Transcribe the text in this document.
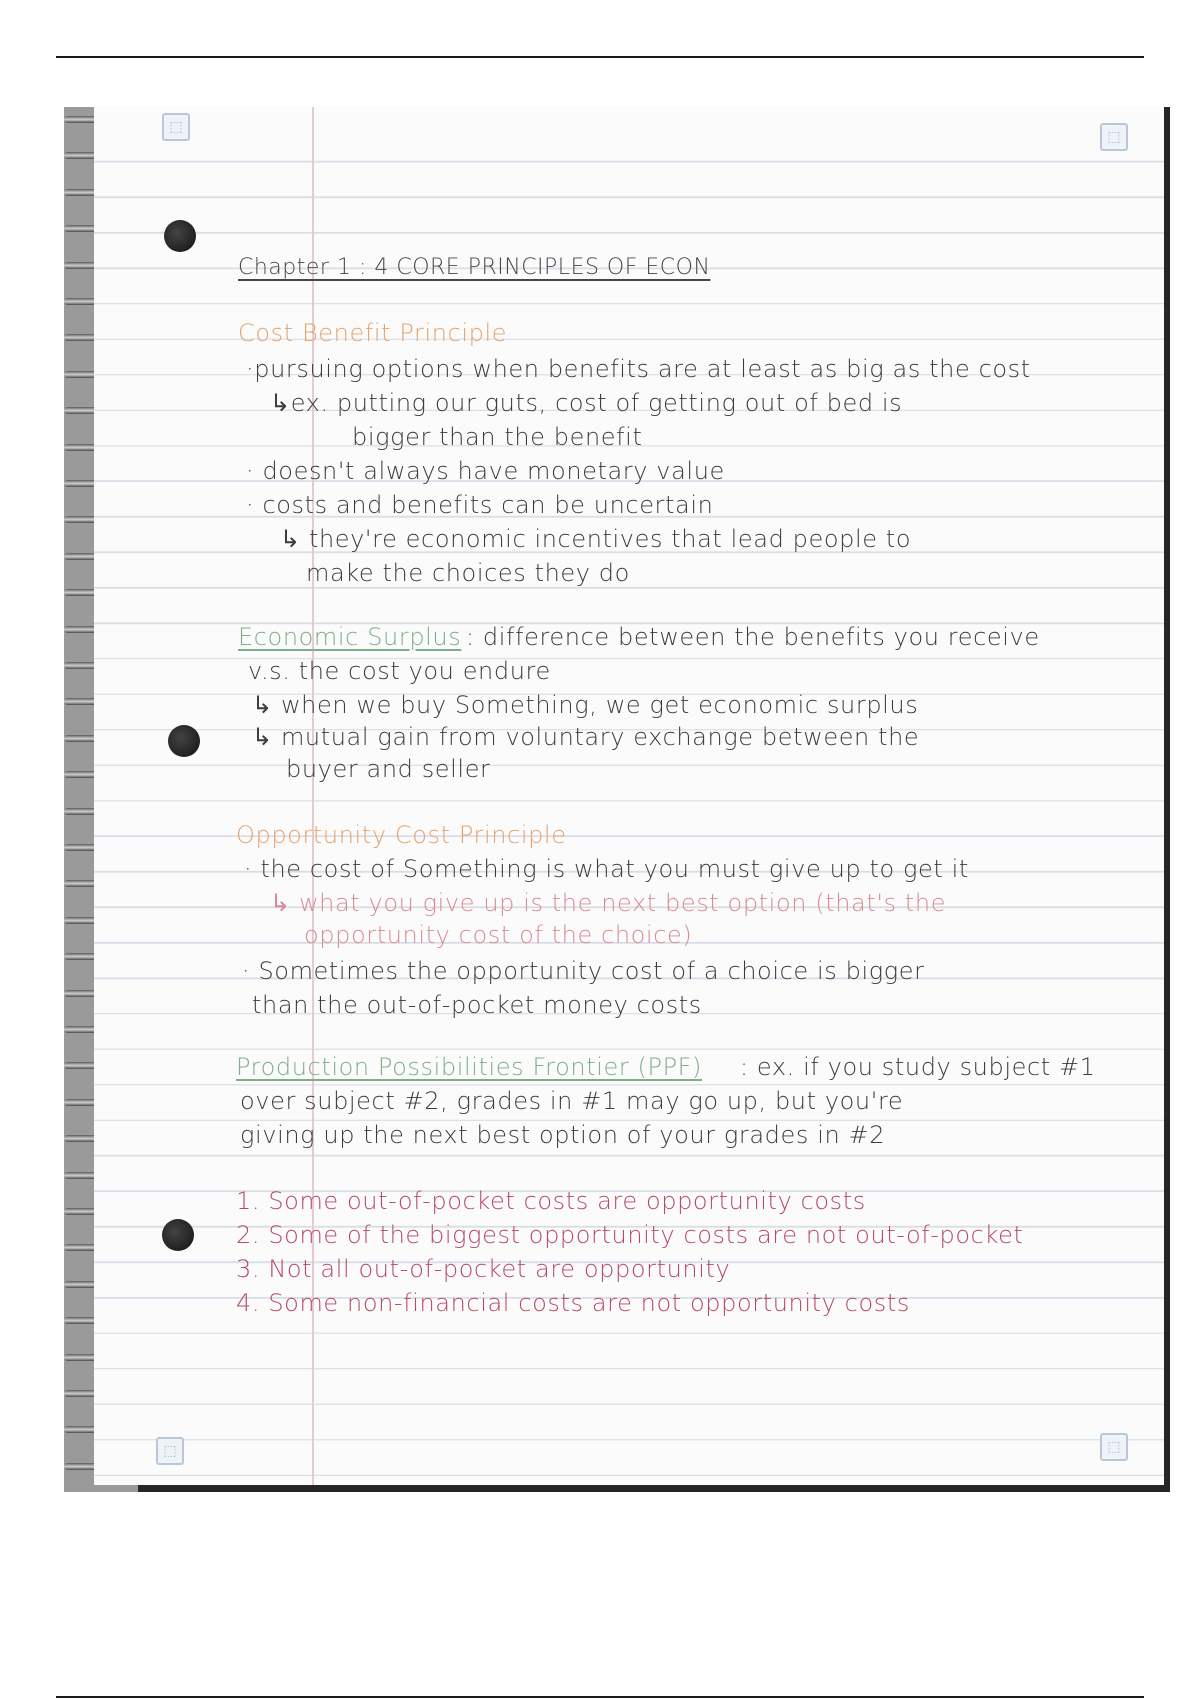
⬚
⬚
⬚	⬚
Chapter 1 : 4 CORE PRINCIPLES OF ECON
Cost Benefit Principle
·pursuing options when benefits are at least as big as the cost
↳ex. putting our guts, cost of getting out of bed is
bigger than the benefit
· doesn't always have monetary value
· costs and benefits can be uncertain
↳ they're economic incentives that lead people to
make the choices they do
Economic Surplus : difference between the benefits you receive
v.s. the cost you endure
↳ when we buy Something, we get economic surplus
↳ mutual gain from voluntary exchange between the
buyer and seller
Opportunity Cost Principle
· the cost of Something is what you must give up to get it
↳ what you give up is the next best option (that's the
opportunity cost of the choice)
· Sometimes the opportunity cost of a choice is bigger
than the out-of-pocket money costs
Production Possibilities Frontier (PPF) : ex. if you study subject #1
over subject #2, grades in #1 may go up, but you're
giving up the next best option of your grades in #2
1. Some out-of-pocket costs are opportunity costs
2. Some of the biggest opportunity costs are not out-of-pocket
3. Not all out-of-pocket are opportunity
4. Some non-financial costs are not opportunity costs
